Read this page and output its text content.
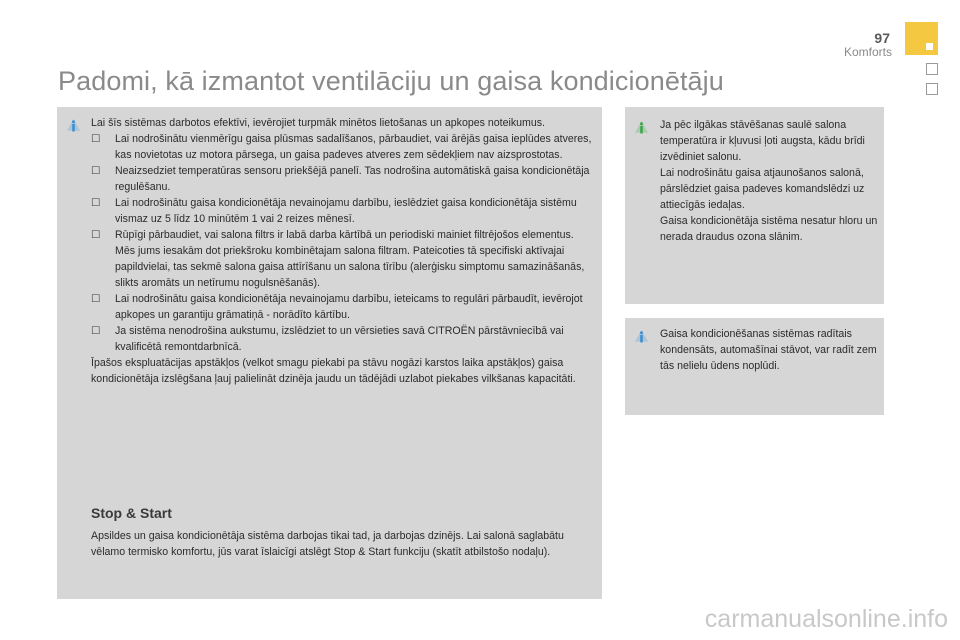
97
Komforts
Padomi, kā izmantot ventilāciju un gaisa kondicionētāju

Lai šīs sistēmas darbotos efektīvi, ievērojiet turpmāk minētos lietošanas un apkopes noteikumus.

☐ Lai nodrošinātu vienmērīgu gaisa plūsmas sadalīšanos, pārbaudiet, vai ārējās gaisa ieplūdes atveres, kas novietotas uz motora pārsega, un gaisa padeves atveres zem sēdekļiem nav aizsprostotas.
☐ Neaizsedziet temperatūras sensoru priekšējā panelī. Tas nodrošina automātiskā gaisa kondicionētāja regulēšanu.
☐ Lai nodrošinātu gaisa kondicionētāja nevainojamu darbību, ieslēdziet gaisa kondicionētāja sistēmu vismaz uz 5 līdz 10 minūtēm 1 vai 2 reizes mēnesī.
☐ Rūpīgi pārbaudiet, vai salona filtrs ir labā darba kārtībā un periodiski mainiet filtrējošos elementus.

Mēs jums iesakām dot priekšroku kombinētajam salona filtram. Pateicoties tā specifiski aktīvajai papildvielai, tas sekmē salona gaisa attīrīšanu un salona tīrību (alerģisku simptomu samazināšanās, slikts aromāts un netīrumu nogulsnēšanās).

☐ Lai nodrošinātu gaisa kondicionētāja nevainojamu darbību, ieteicams to regulāri pārbaudīt, ievērojot apkopes un garantiju grāmatiņā - norādīto kārtību.
☐ Ja sistēma nenodrošina aukstumu, izslēdziet to un vērsieties savā CITROËN pārstāvniecībā vai kvalificētā remontdarbnīcā.

Īpašos ekspluatācijas apstākļos (velkot smagu piekabi pa stāvu nogāzi karstos laika apstākļos) gaisa kondicionētāja izslēgšana ļauj palielināt dzinēja jaudu un tādējādi uzlabot piekabes vilkšanas kapacitāti.

Stop & Start
Apsildes un gaisa kondicionētāja sistēma darbojas tikai tad, ja darbojas dzinējs. Lai salonā saglabātu vēlamo termisko komfortu, jūs varat īslaicīgi atslēgt Stop & Start funkciju (skatīt atbilstošo nodaļu).
Ja pēc ilgākas stāvēšanas saulē salona temperatūra ir kļuvusi ļoti augsta, kādu brīdi izvēdiniet salonu.
Lai nodrošinātu gaisa atjaunošanos salonā, pārslēdziet gaisa padeves komandslēdzi uz attiecīgās iedaļas.
Gaisa kondicionētāja sistēma nesatur hloru un nerada draudus ozona slānim.
Gaisa kondicionēšanas sistēmas radītais kondensāts, automašīnai stāvot, var radīt zem tās nelielu ūdens noplūdi.
carmanualsonline.info
